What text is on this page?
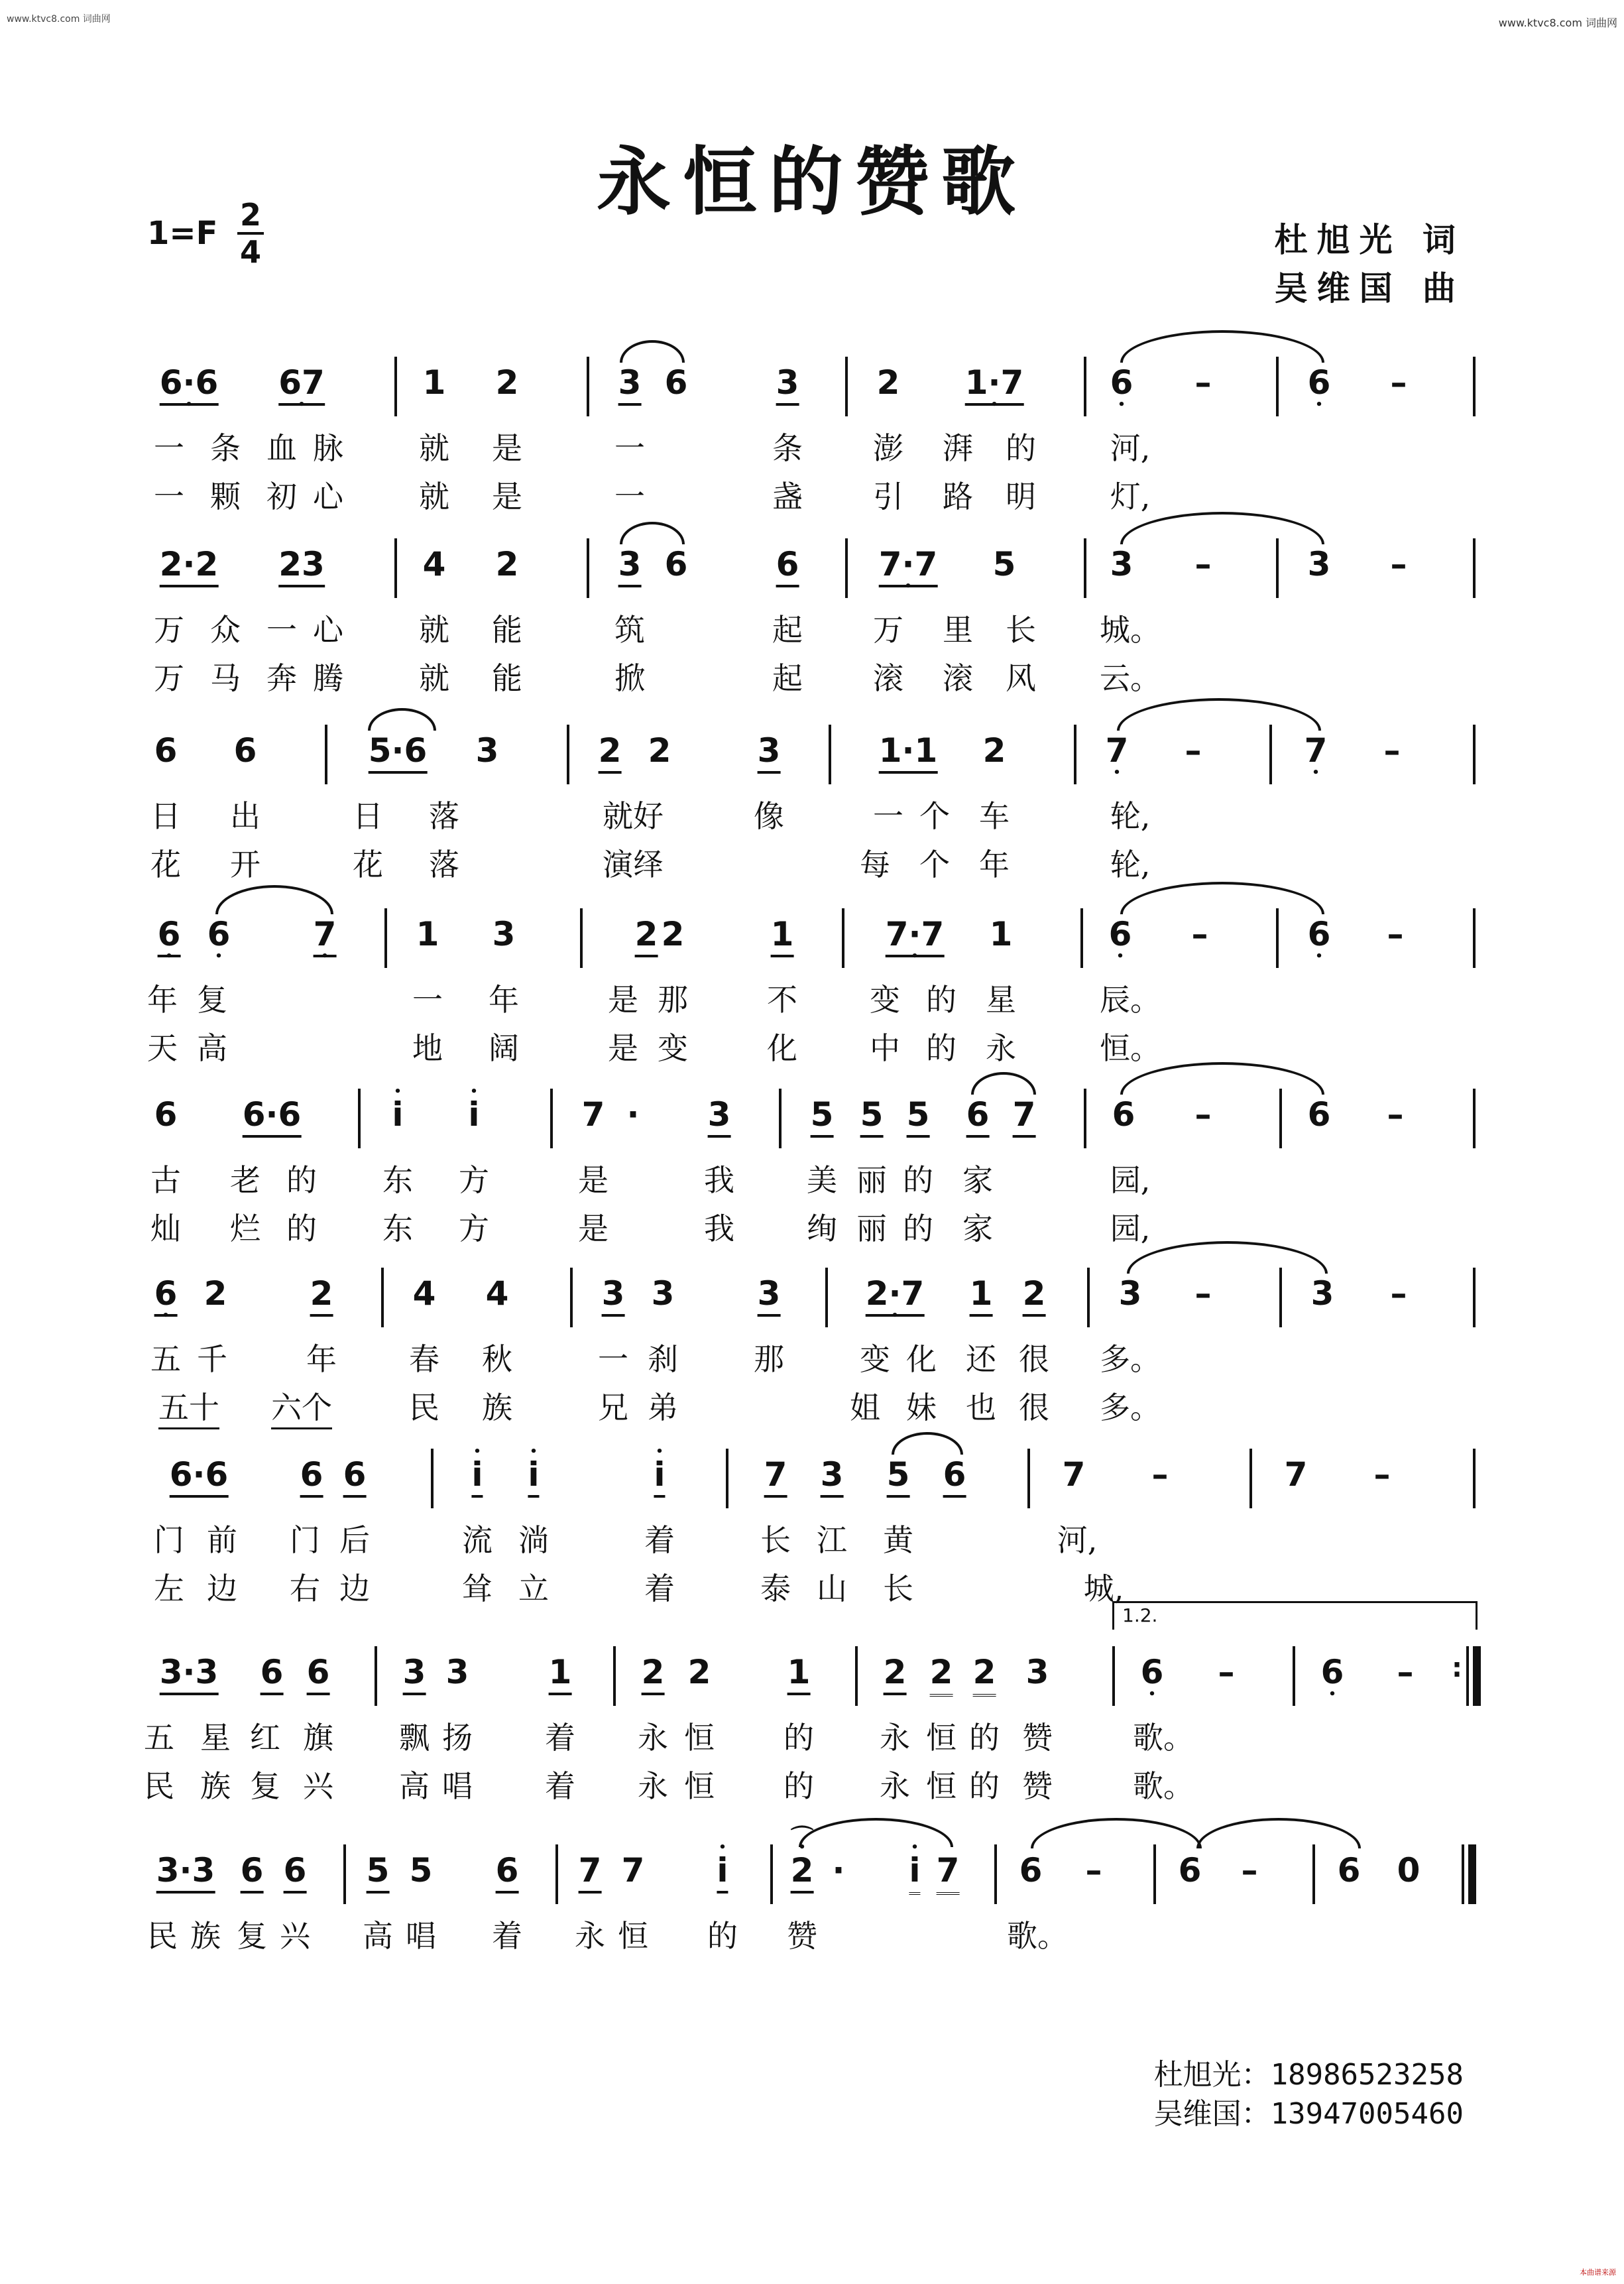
www.ktvc8.com 词曲网	www.ktvc8.com 词曲网
永恒的赞歌
1=F 2
4	杜旭光 词
吴维国 曲
6·6 • 67 •	1 2	3 6	3 2 1·7 •	6 • –	6 • –
一 条 血 脉 就 是	一	条 澎 湃 的 河,
一 颗 初 心 就 是	一	盏 引 路 明 灯,
2·2 23	4 2	3 6	6 7·7 • 5	3 –	3 –
万 众 一 心 就 能	筑	起 万 里 长 城。
万 马 奔 腾 就 能	掀	起 滚 滚 风 云。
6 6	5·6 3	2 2	3	1·1 2	7 • –	7 • –
日 出	日 落	就好	像	一 个 车	轮,
花 开	花 落	演绎	每 个 年	轮,
6 • 6 •	7 • 1 3	2 2	1	7·7 • 1	6 • –	6 • –
年 复	一 年	是 那	不 变 的 星	辰。
天 高	地 阔	是 变	化 中 的 永	恒。
6 6·6	• i • i	7 · 3 5 5 5 6 7 6 –	6 –
古 老 的 东 方	是	我 美 丽 的 家	园,
灿 烂 的 东 方	是	我 绚 丽 的 家	园,
6 • 2	2 4 4	3 3	3	2·7 • 1 2 3 –	3 –
五 千	年 春 秋	一 刹 那 变 化 还 很 多。
五十 六个	民 族	兄 弟	姐 妹 也 很 多。
6·6 6 6	• i • i	• i	7 3 5 6	7 –	7 –
门 前 门 后	流 淌	着	长 江 黄	河,
左 边 右 边	耸 立	着	泰 山 长	城,
1.2.
3·3 6 6 3 3 1 2 2 1 2 2 2 3	6 • –	6 • – :
五 星 红 旗 飘 扬 着 永 恒 的 永 恒 的 赞	歌。
民 族 复 兴 高 唱 着 永 恒 的 永 恒 的 赞	歌。
3·3 6 6 5 5 6 7 7 • i • 2 · • i 7 6 – 6 – 6 0
⌒
民 族 复 兴 高 唱 着 永 恒 的 赞	歌。
杜旭光：18986523258
吴维国：13947005460
本曲谱来源
